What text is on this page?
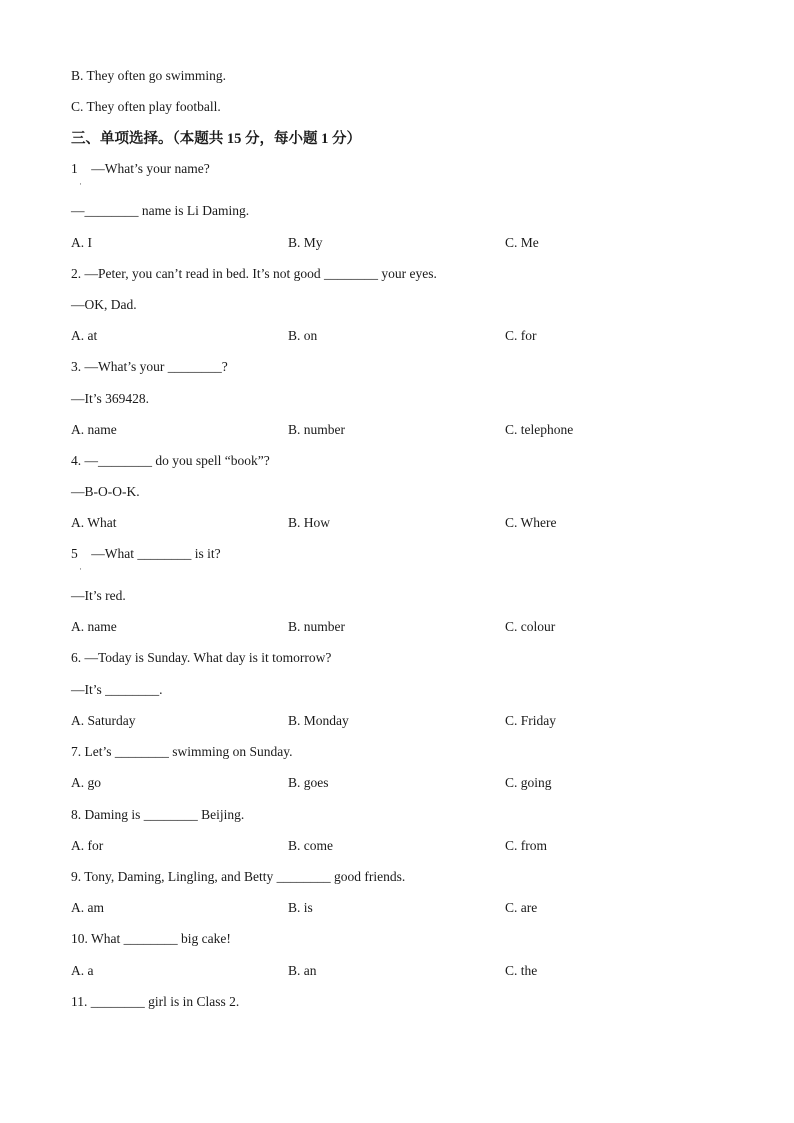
B. They often go swimming.
C. They often play football.
三、单项选择。（本题共 15 分，每小题 1 分）
1　—What’s your name?
·
—________ name is Li Daming.
A. I	B. My	C. Me
2. —Peter, you can’t read in bed. It’s not good ________ your eyes.
—OK, Dad.
A. at	B. on	C. for
3. —What’s your ________?
—It’s 369428.
A. name	B. number	C. telephone
4. —________ do you spell “book”?
—B-O-O-K.
A. What	B. How	C. Where
5　—What ________ is it?
·
—It’s red.
A. name	B. number	C. colour
6. —Today is Sunday. What day is it tomorrow?
—It’s ________.
A. Saturday	B. Monday	C. Friday
7. Let’s ________ swimming on Sunday.
A. go	B. goes	C. going
8. Daming is ________ Beijing.
A. for	B. come	C. from
9. Tony, Daming, Lingling, and Betty ________ good friends.
A. am	B. is	C. are
10. What ________ big cake!
A. a	B. an	C. the
11. ________ girl is in Class 2.
